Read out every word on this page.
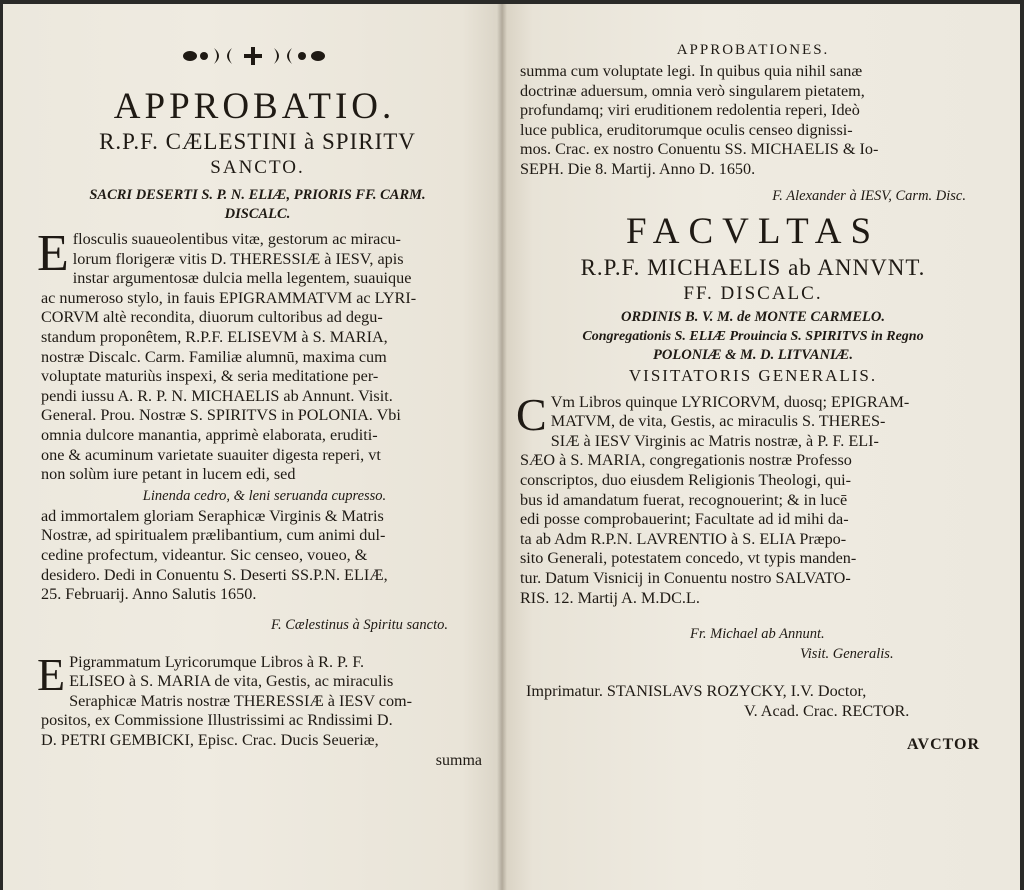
APPROBATIO.
R.P.F. CÆLESTINI à SPIRITV
SANCTO.
SACRI DESERTI S. P. N. ELIÆ, PRIORIS FF. CARM.
DISCALC.
E flosculis suaueolentibus vitæ, gestorum ac miracu-
lorum florigeræ vitis D. THERESSIÆ à IESV, apis
instar argumentosæ dulcia mella legentem, suauique
ac numeroso stylo, in fauis EPIGRAMMATVM ac LYRI-
CORVM altè recondita, diuorum cultoribus ad degu-
standum proponêtem, R.P.F. ELISEVM à S. MARIA,
nostræ Discalc. Carm. Familiæ alumnū, maxima cum
voluptate maturiùs inspexi, & seria meditatione per-
pendi iussu A. R. P. N. MICHAELIS ab Annunt. Visit.
General. Prou. Nostræ S. SPIRITVS in POLONIA. Vbi
omnia dulcore manantia, apprimè elaborata, eruditi-
one & acuminum varietate suauiter digesta reperi, vt
non solùm iure petant in lucem edi, sed
Linenda cedro, & leni seruanda cupresso.
ad immortalem gloriam Seraphicæ Virginis & Matris
Nostræ, ad spiritualem prælibantium, cum animi dul-
cedine profectum, videantur. Sic censeo, voueo, &
desidero. Dedi in Conuentu S. Deserti SS.P.N. ELIÆ,
25. Februarij. Anno Salutis 1650.
F. Cælestinus à Spiritu sancto.
E Pigrammatum Lyricorumque Libros à R. P. F.
ELISEO à S. MARIA de vita, Gestis, ac miraculis
Seraphicæ Matris nostræ THERESSIÆ à IESV com-
positos, ex Commissione Illustrissimi ac Rndissimi D.
D. PETRI GEMBICKI, Episc. Crac. Ducis Seueriæ,
summa
APPROBATIONES.
summa cum voluptate legi. In quibus quia nihil sanæ
doctrinæ aduersum, omnia verò singularem pietatem,
profundamq; viri eruditionem redolentia reperi, Ideò
luce publica, eruditorumque oculis censeo dignissi-
mos. Crac. ex nostro Conuentu SS. MICHAELIS & Io-
SEPH. Die 8. Martij. Anno D. 1650.
F. Alexander à IESV, Carm. Disc.
FACVLTAS
R.P.F. MICHAELIS ab ANNVNT.
FF. DISCALC.
ORDINIS B. V. M. de MONTE CARMELO.
Congregationis S. ELIÆ Prouincia S. SPIRITVS in Regno
POLONIÆ & M. D. LITVANIÆ.
VISITATORIS GENERALIS.
C Vm Libros quinque LYRICORVM, duosq; EPIGRAM-
MATVM, de vita, Gestis, ac miraculis S. THERES-
SIÆ à IESV Virginis ac Matris nostræ, à P. F. ELI-
SÆO à S. MARIA, congregationis nostræ Professo
conscriptos, duo eiusdem Religionis Theologi, qui-
bus id amandatum fuerat, recognouerint; & in lucē
edi posse comprobauerint; Facultate ad id mihi da-
ta ab Adm R.P.N. LAVRENTIO à S. ELIA Præpo-
sito Generali, potestatem concedo, vt typis manden-
tur. Datum Visnicij in Conuentu nostro SALVATO-
RIS. 12. Martij A. M.DC.L.
Fr. Michael ab Annunt.
Visit. Generalis.
Imprimatur. STANISLAVS ROZYCKY, I.V. Doctor,
V. Acad. Crac. RECTOR.
AVCTOR
